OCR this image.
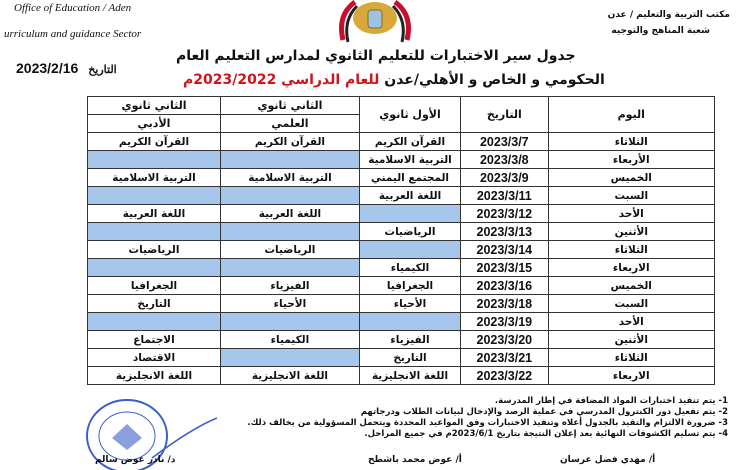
Office of Education / Aden
urriculum and guidance Sector
مكتب التربية والتعليم / عدن
شعبة المناهج والتوجيه
جدول سير الاختبارات للتعليم الثانوي لمدارس التعليم العام
2023/2/16 التاريخ
الحكومي و الخاص و الأهلي/عدن للعام الدراسي 2023/2022م
اليوم	التاريخ	الأول ثانوي	الثاني ثانوي	الثاني ثانوي
			العلمي	الأدبي
الثلاثاء	2023/3/7	القرآن الكريم	القرآن الكريم	القرآن الكريم
الأربعاء	2023/3/8	التربية الاسلامية		
الخميس	2023/3/9	المجتمع اليمني	التربية الاسلامية	التربية الاسلامية
السبت	2023/3/11	اللغة العربية		
الأحد	2023/3/12		اللغة العربية	اللغة العربية
الأثنين	2023/3/13	الرياضيات		
الثلاثاء	2023/3/14		الرياضيات	الرياضيات
الاربعاء	2023/3/15	الكيمياء		
الخميس	2023/3/16	الجغرافيا	الفيزياء	الجغرافيا
السبت	2023/3/18	الأحياء	الأحياء	التاريخ
الأحد	2023/3/19			
الأثنين	2023/3/20	الفيزياء	الكيمياء	الاجتماع
الثلاثاء	2023/3/21	التاريخ		الاقتصاد
الاربعاء	2023/3/22	اللغة الانجليزية	اللغة الانجليزية	اللغة الانجليزية
1- يتم تنفيذ اختبارات المواد المضافة في إطار المدرسة.
2- يتم تفعيل دور الكنترول المدرسي في عملية الرصد والإدخال لبيانات الطلاب ودرجاتهم
3- ضرورة الالتزام والتقيد بالجدول أعلاه وتنفيذ الاختبارات وفق المواعيد المحددة ويتحمل المسؤولية من يخالف ذلك.
4- يتم تسليم الكشوفات النهائية بعد إعلان النتيجة بتاريخ 2023/6/1م في جميع المراحل.
أ/ مهدي فضل عرسان
أ/ عوض محمد باشطح
د/ نادر عوض سالم
